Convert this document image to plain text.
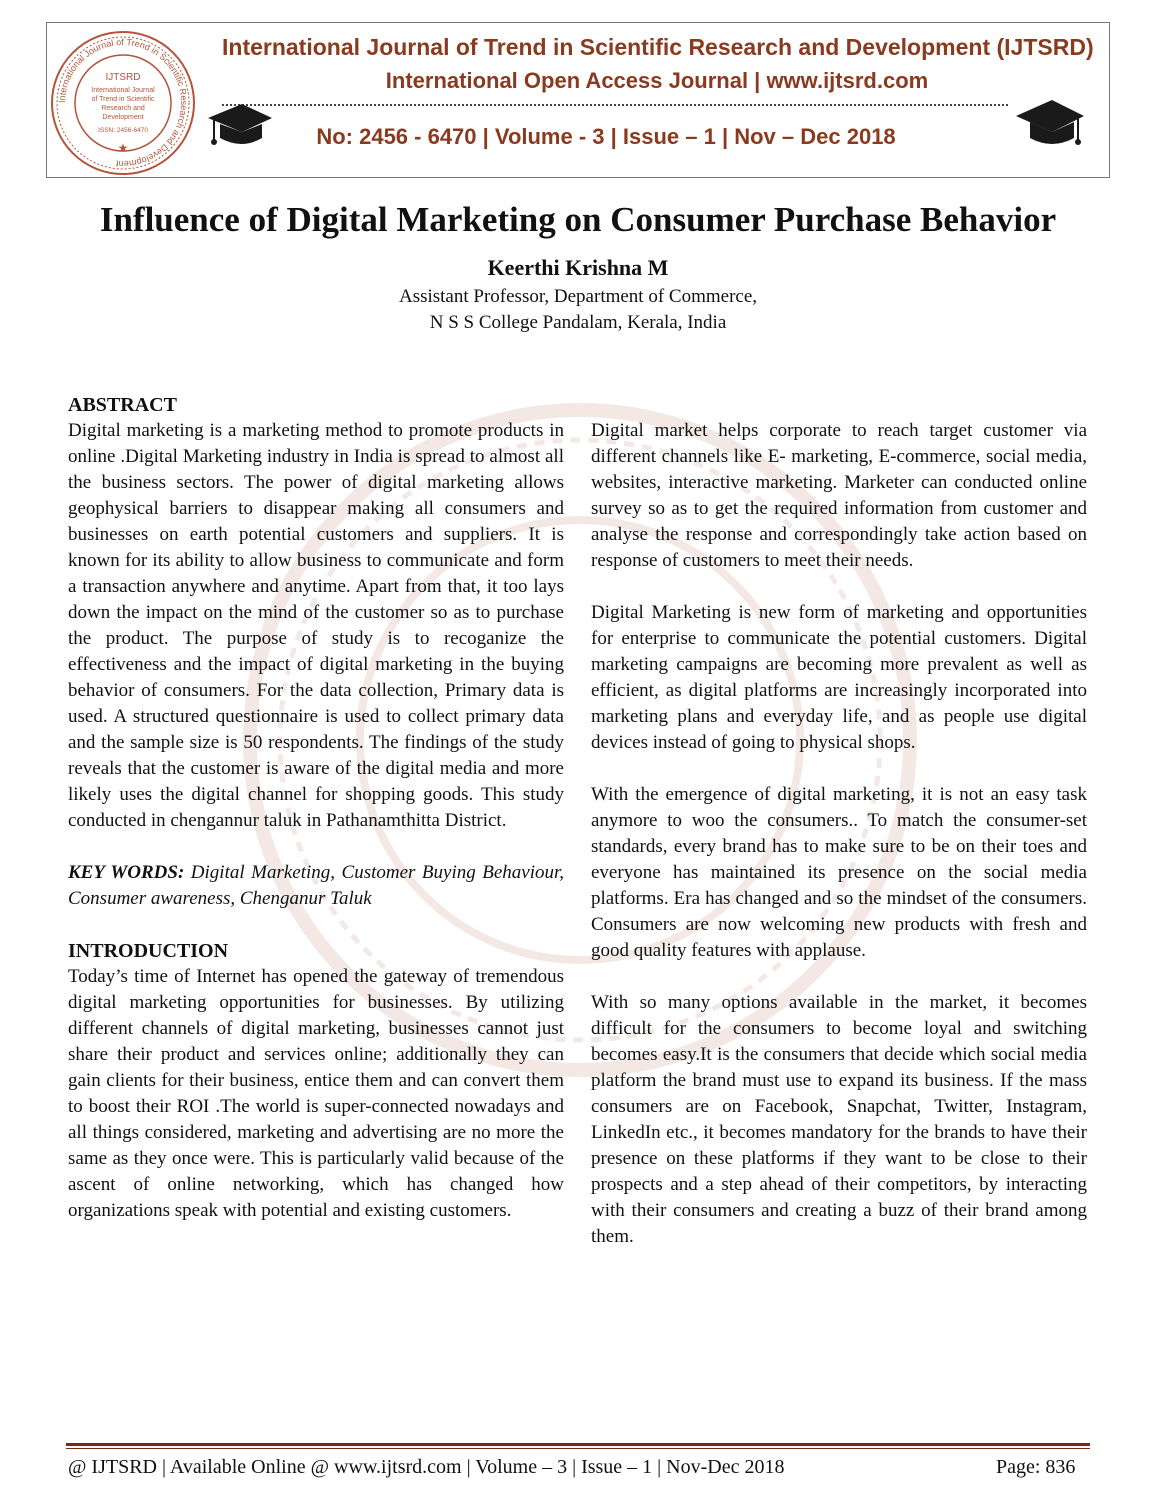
International Journal of Trend in Scientific Research and Development
IJTSRD
International Journal
of Trend in Scientific
Research and
Development
ISSN: 2456-6470
★
International Journal of Trend in Scientific Research and Development (IJTSRD)
International Open Access Journal | www.ijtsrd.com
No: 2456 - 6470 | Volume - 3 | Issue – 1 | Nov – Dec 2018
Influence of Digital Marketing on Consumer Purchase Behavior
Keerthi Krishna M
Assistant Professor, Department of Commerce,
N S S College Pandalam, Kerala, India
ABSTRACT

Digital marketing is a marketing method to promote products in online .Digital Marketing industry in India is spread to almost all the business sectors. The power of digital marketing allows geophysical barriers to disappear making all consumers and businesses on earth potential customers and suppliers. It is known for its ability to allow business to communicate and form a transaction anywhere and anytime. Apart from that, it too lays down the impact on the mind of the customer so as to purchase the product. The purpose of study is to recoganize the effectiveness and the impact of digital marketing in the buying behavior of consumers. For the data collection, Primary data is used. A structured questionnaire is used to collect primary data and the sample size is 50 respondents. The findings of the study reveals that the customer is aware of the digital media and more likely uses the digital channel for shopping goods. This study conducted in chengannur taluk in Pathanamthitta District.

KEY WORDS: Digital Marketing, Customer Buying Behaviour, Consumer awareness, Chenganur Taluk

INTRODUCTION

Today’s time of Internet has opened the gateway of tremendous digital marketing opportunities for businesses. By utilizing different channels of digital marketing, businesses cannot just share their product and services online; additionally they can gain clients for their business, entice them and can convert them to boost their ROI .The world is super-connected nowadays and all things considered, marketing and advertising are no more the same as they once were. This is particularly valid because of the ascent of online networking, which has changed how organizations speak with potential and existing customers.

Digital market helps corporate to reach target customer via different channels like E- marketing, E-commerce, social media, websites, interactive marketing. Marketer can conducted online survey so as to get the required information from customer and analyse the response and correspondingly take action based on response of customers to meet their needs.

Digital Marketing is new form of marketing and opportunities for enterprise to communicate the potential customers. Digital marketing campaigns are becoming more prevalent as well as efficient, as digital platforms are increasingly incorporated into marketing plans and everyday life, and as people use digital devices instead of going to physical shops.

With the emergence of digital marketing, it is not an easy task anymore to woo the consumers.. To match the consumer-set standards, every brand has to make sure to be on their toes and everyone has maintained its presence on the social media platforms. Era has changed and so the mindset of the consumers. Consumers are now welcoming new products with fresh and good quality features with applause.

With so many options available in the market, it becomes difficult for the consumers to become loyal and switching becomes easy.It is the consumers that decide which social media platform the brand must use to expand its business. If the mass consumers are on Facebook, Snapchat, Twitter, Instagram, LinkedIn etc., it becomes mandatory for the brands to have their presence on these platforms if they want to be close to their prospects and a step ahead of their competitors, by interacting with their consumers and creating a buzz of their brand among them.

@ IJTSRD | Available Online @ www.ijtsrd.com | Volume – 3 | Issue – 1 | Nov-Dec 2018	Page: 836
